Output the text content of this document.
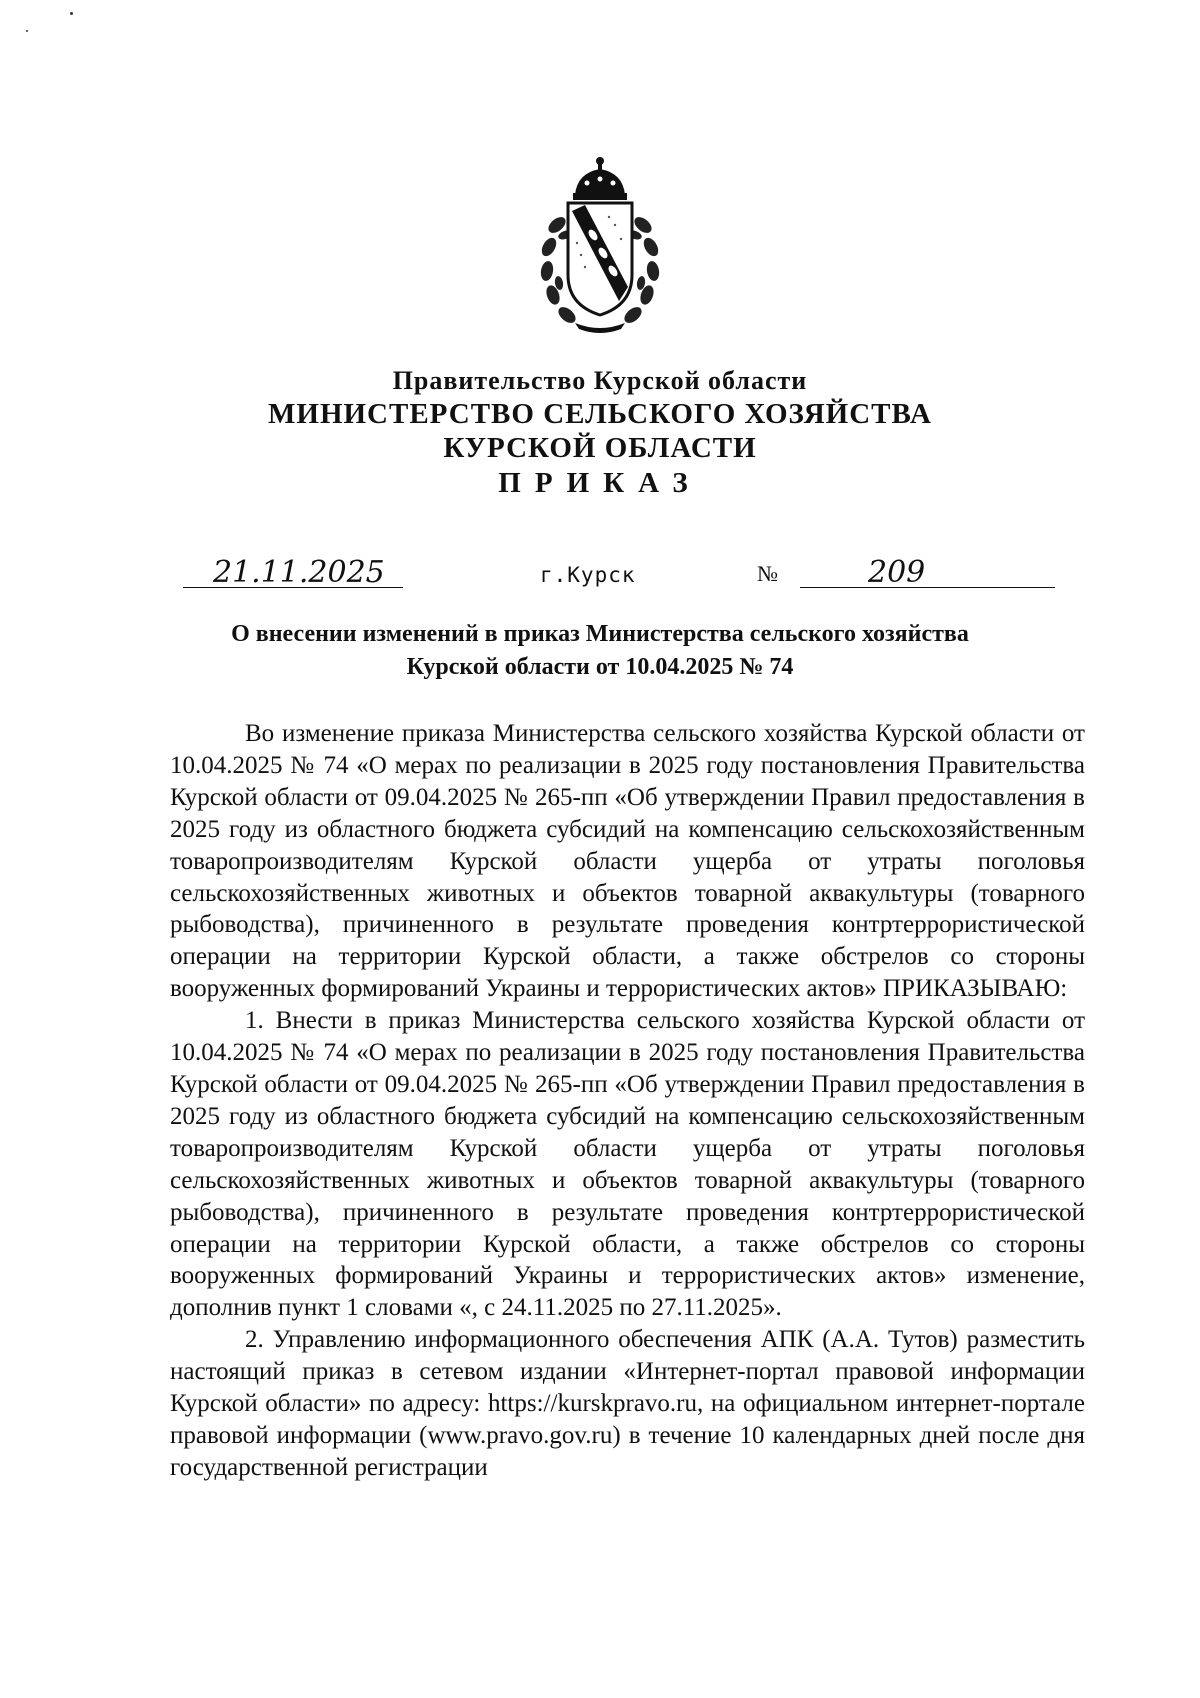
Правительство Курской области

МИНИСТЕРСТВО СЕЛЬСКОГО ХОЗЯЙСТВА

КУРСКОЙ ОБЛАСТИ

ПРИКАЗ

21.11.2025	г.Курск	№	209
О внесении изменений в приказ Министерства сельского хозяйства
Курской области от 10.04.2025 № 74

Во изменение приказа Министерства сельского хозяйства Курской области от 10.04.2025 № 74 «О мерах по реализации в 2025 году постановления Правительства Курской области от 09.04.2025 № 265-пп «Об утверждении Правил предоставления в 2025 году из областного бюджета субсидий на компенсацию сельскохозяйственным товаропроизводителям Курской области ущерба от утраты поголовья сельскохозяйственных животных и объектов товарной аквакультуры (товарного рыбоводства), причиненного в результате проведения контртеррористической операции на территории Курской области, а также обстрелов со стороны вооруженных формирований Украины и террористических актов» ПРИКАЗЫВАЮ:

1. Внести в приказ Министерства сельского хозяйства Курской области от 10.04.2025 № 74 «О мерах по реализации в 2025 году постановления Правительства Курской области от 09.04.2025 № 265-пп «Об утверждении Правил предоставления в 2025 году из областного бюджета субсидий на компенсацию сельскохозяйственным товаропроизводителям Курской области ущерба от утраты поголовья сельскохозяйственных животных и объектов товарной аквакультуры (товарного рыбоводства), причиненного в результате проведения контртеррористической операции на территории Курской области, а также обстрелов со стороны вооруженных формирований Украины и террористических актов» изменение, дополнив пункт 1 словами «, с 24.11.2025 по 27.11.2025».

2. Управлению информационного обеспечения АПК (А.А. Тутов) разместить настоящий приказ в сетевом издании «Интернет-портал правовой информации Курской области» по адресу: https://kurskpravo.ru, на официальном интернет-портале правовой информации (www.pravo.gov.ru) в течение 10 календарных дней после дня государственной регистрации
